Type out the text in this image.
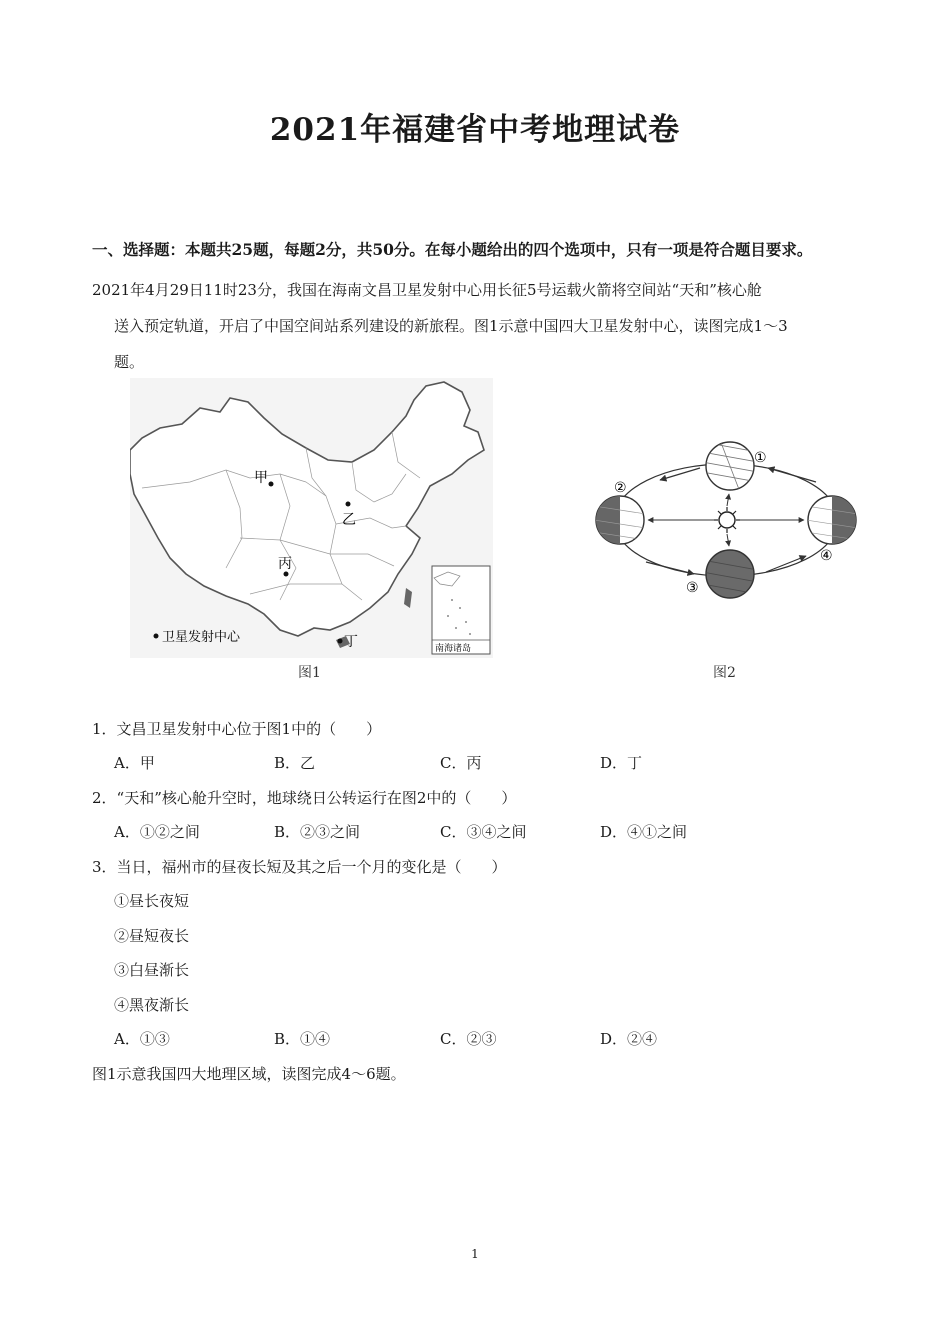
2021年福建省中考地理试卷
一、选择题：本题共25题，每题2分，共50分。在每小题给出的四个选项中，只有一项是符合题目要求。
2021年4月29日11时23分，我国在海南文昌卫星发射中心用长征5号运载火箭将空间站“天和”核心舱
送入预定轨道，开启了中国空间站系列建设的新旅程。图1示意中国四大卫星发射中心，读图完成1～3
题。
甲
乙
丙
丁
卫星发射中心
南海诸岛
图1
①
②
③
④
图2
1．文昌卫星发射中心位于图1中的（　　）
A．甲	B．乙	C．丙	D．丁
2．“天和”核心舱升空时，地球绕日公转运行在图2中的（　　）
A．①②之间	B．②③之间	C．③④之间	D．④①之间
3．当日，福州市的昼夜长短及其之后一个月的变化是（　　）
①昼长夜短
②昼短夜长
③白昼渐长
④黑夜渐长
A．①③	B．①④	C．②③	D．②④
图1示意我国四大地理区域，读图完成4～6题。
1
